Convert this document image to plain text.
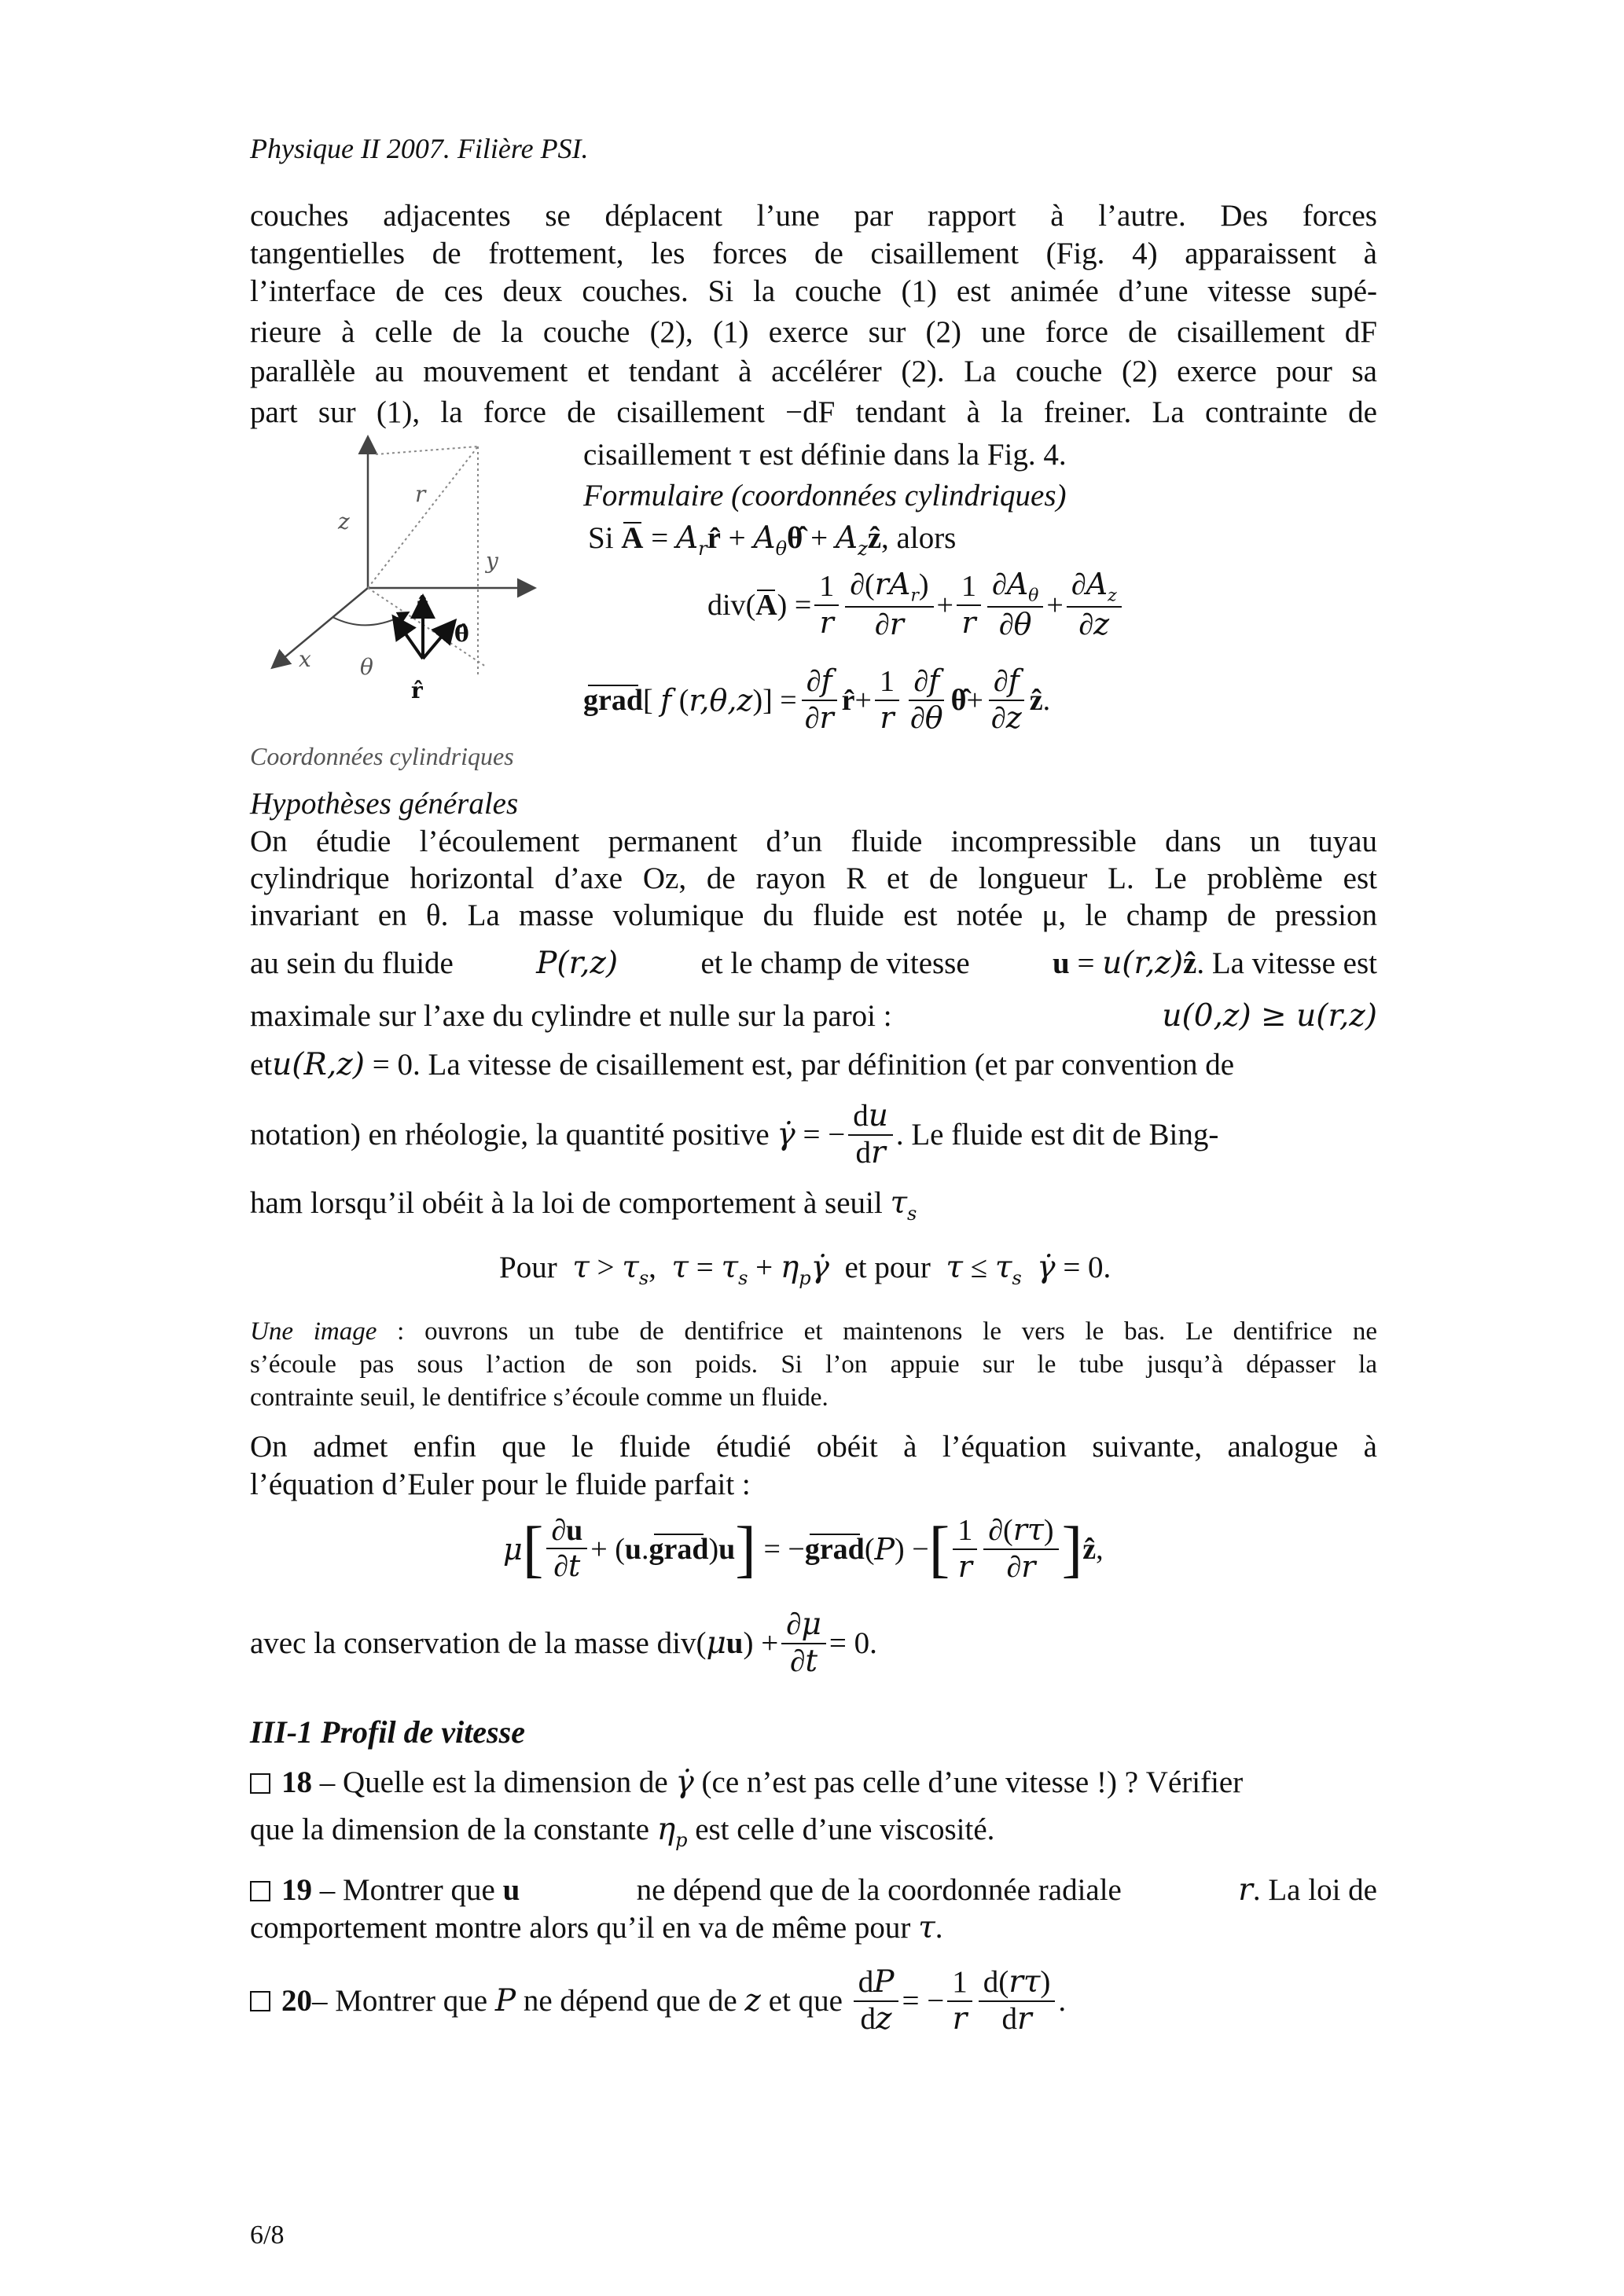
Physique II 2007. Filière PSI.
couches adjacentes se déplacent l’une par rapport à l’autre. Des forces
tangentielles de frottement, les forces de cisaillement (Fig. 4) apparaissent à
l’interface de ces deux couches. Si la couche (1) est animée d’une vitesse supé-
rieure à celle de la couche (2), (1) exerce sur (2) une force de cisaillement dF
parallèle au mouvement et tendant à accélérer (2). La couche (2) exerce pour sa
part sur (1), la force de cisaillement −dF tendant à la freiner. La contrainte de
cisaillement τ est définie dans la Fig. 4.
z
r
y
x θ
ẑ
θ̂
r̂
Coordonnées cylindriques
Formulaire (coordonnées cylindriques)
Si $A = A_rr̂$ + $A_\theta\thetâ$ + $A_zẑ$, alors
div ( A ) = $\frac{1}{r} \frac{\partial(rA_r)}{\partial r} + \frac{1}{r} \frac{\partial A_\theta}{\partial\theta} + \frac{\partial A_z}{\partial z}$
grad [ f ( r,θ,z )] = $\frac{\partial f}{\partial r}$ r̂ + $\frac{1}{r} \frac{\partial f}{\partial\theta}$ θ̂ + $\frac{\partial f}{\partial z}$ ẑ .
Hypothèses générales
On étudie l’écoulement permanent d’un fluide incompressible dans un tuyau
cylindrique horizontal d’axe Oz, de rayon R et de longueur L. Le problème est
invariant en θ. La masse volumique du fluide est notée μ, le champ de pression
au sein du fluide	P(r,z)	et le champ de vitesse	u = u(r,z)ẑ. La vitesse est
maximale sur l’axe du cylindre et nulle sur la paroi :	u(0,z) ≥ u(r,z)
etu(R,z) = 0. La vitesse de cisaillement est, par définition (et par convention de
notation) en rhéologie, la quantité positive
γ̇ = − $\frac{du}{dr}$ . Le fluide est dit de Bing-
ham lorsqu’il obéit à la loi de comportement à seuil $\tau_s$
Pour $\tau > \tau_s$,  $\tau = \tau_s$ + $\eta_p\gammȧ$ et pour $\tau \le \tau_s$ γ̇ = 0.
Une image : ouvrons un tube de dentifrice et maintenons le vers le bas. Le dentifrice ne
s’écoule pas sous l’action de son poids. Si l’on appuie sur le tube jusqu’à dépasser la
contrainte seuil, le dentifrice s’écoule comme un fluide.
On admet enfin que le fluide étudié obéit à l’équation suivante, analogue à
l’équation d’Euler pour le fluide parfait :
μ [ $\frac{\partial u}{\partial t}$ + ( u . grad ) u ] = − grad ( P ) − [ $\frac{1}{r} \frac{\partial(r\tau)}{\partial r}$ ] ẑ ,
avec la conservation de la masse div( μ u ) + $\frac{\partial\mu}{\partial t} = 0$.
III-1 Profil de vitesse
18 – Quelle est la dimension de γ̇ (ce n’est pas celle d’une vitesse !) ? Vérifier
que la dimension de la constante $\eta_p$ est celle d’une viscosité.
19 – Montrer que u	ne dépend que de la coordonnée radiale	r. La loi de
comportement montre alors qu’il en va de même pour τ.
20 – Montrer que
P
ne dépend que de
z
et que
$\frac{dP}{dz}$ = − $\frac{1}{r} \frac{d(r\tau)}{dr}$ .
6/8
